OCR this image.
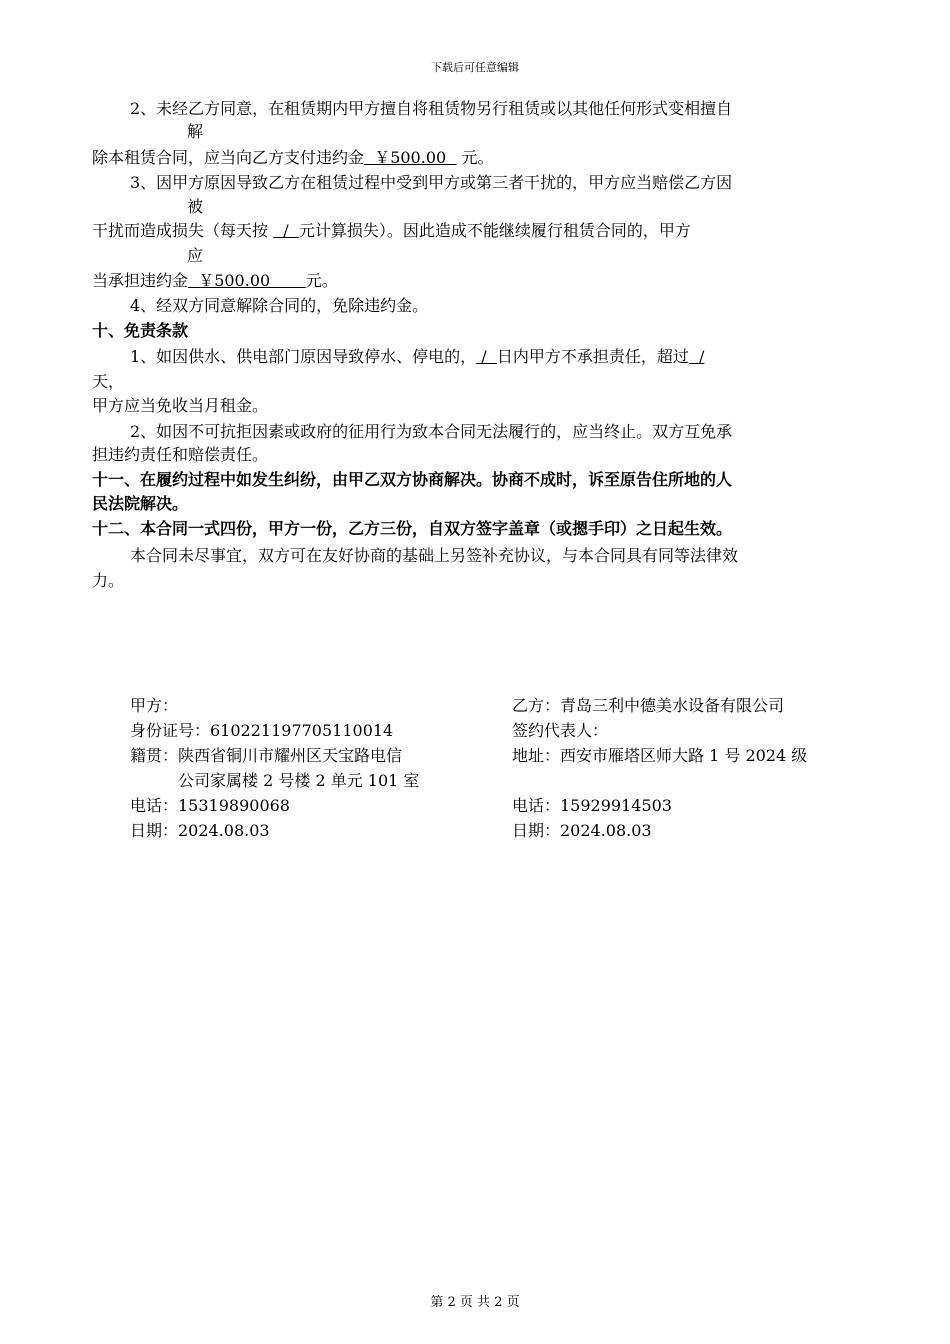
下载后可任意编辑
2、未经乙方同意，在租赁期内甲方擅自将租赁物另行租赁或以其他任何形式变相擅自
解
除本租赁合同，应当向乙方支付违约金  ￥500.00   元。
3、因甲方原因导致乙方在租赁过程中受到甲方或第三者干扰的，甲方应当赔偿乙方因
被
干扰而造成损失（每天按   /  元计算损失）。因此造成不能继续履行租赁合同的，甲方
应
当承担违约金  ￥500.00       元。
4、经双方同意解除合同的，免除违约金。
十、免责条款
1、如因供水、供电部门原因导致停水、停电的， /  日内甲方不承担责任，超过  /
天，
甲方应当免收当月租金。
2、如因不可抗拒因素或政府的征用行为致本合同无法履行的，应当终止。双方互免承
担违约责任和赔偿责任。
十一、在履约过程中如发生纠纷，由甲乙双方协商解决。协商不成时，诉至原告住所地的人
民法院解决。
十二、本合同一式四份，甲方一份，乙方三份，自双方签字盖章（或摁手印）之日起生效。
本合同未尽事宜，双方可在友好协商的基础上另签补充协议，与本合同具有同等法律效
力。
甲方：
身份证号：610221197705110014
籍贯：陕西省铜川市耀州区天宝路电信
公司家属楼 2 号楼 2 单元 101 室
电话：15319890068
日期：2024.08.03
乙方：青岛三利中德美水设备有限公司
签约代表人：
地址：西安市雁塔区师大路 1 号 2024 级

电话：15929914503
日期：2024.08.03
第 2 页 共 2 页
